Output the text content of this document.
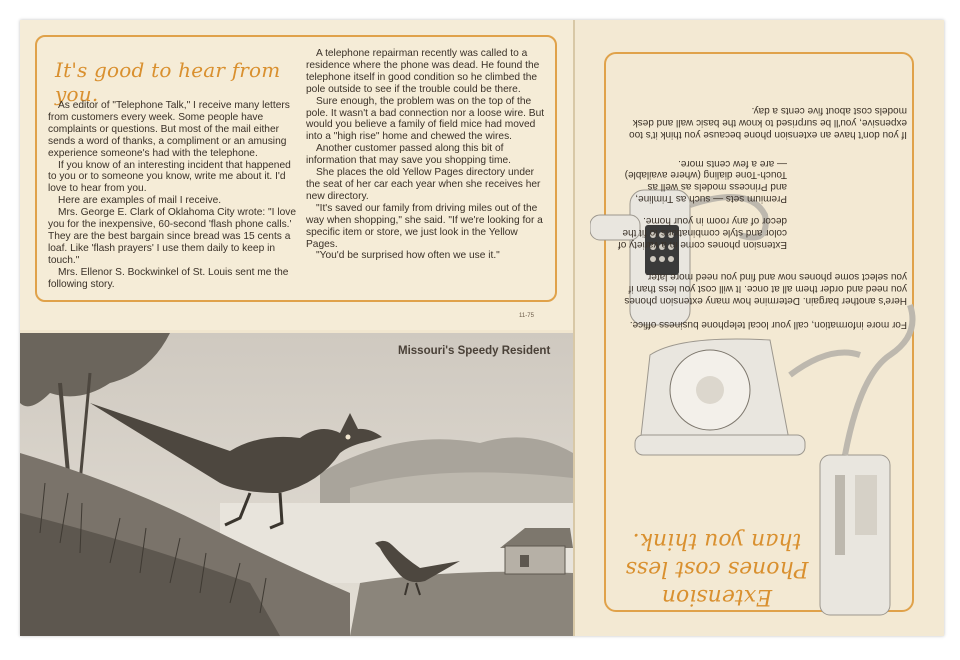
It's good to hear from you.

As editor of "Telephone Talk," I receive many letters from customers every week. Some people have complaints or questions. But most of the mail either sends a word of thanks, a compliment or an amusing experience someone's had with the telephone.

If you know of an interesting incident that happened to you or to someone you know, write me about it. I'd love to hear from you.

Here are examples of mail I receive.

Mrs. George E. Clark of Oklahoma City wrote: "I love you for the inexpensive, 60-second 'flash phone calls.' They are the best bargain since bread was 15 cents a loaf. Like 'flash prayers' I use them daily to keep in touch."

Mrs. Ellenor S. Bockwinkel of St. Louis sent me the following story.

A telephone repairman recently was called to a residence where the phone was dead. He found the telephone itself in good condition so he climbed the pole outside to see if the trouble could be there.

Sure enough, the problem was on the top of the pole. It wasn't a bad connection nor a loose wire. But would you believe a family of field mice had moved into a "high rise" home and chewed the wires.

Another customer passed along this bit of information that may save you shopping time.

She places the old Yellow Pages directory under the seat of her car each year when she receives her new directory.

"It's saved our family from driving miles out of the way when shopping," she said. "If we're looking for a specific item or store, we just look in the Yellow Pages.

"You'd be surprised how often we use it."

11-75
Missouri's Speedy Resident

If you don't have an extension phone because you think it's too expensive, you'll be surprised to know the basic wall and desk models cost about five cents a day.

Premium sets — such as Trimline, and Princess models as well as Touch-Tone dialing (where available) — are a few cents more.

Extension phones come in a variety of color and style combinations to fit the decor of any room in your home.

Here's another bargain. Determine how many extension phones you need and order them all at once. It will cost you less than if you select some phones now and find you need more later.

For more information, call your local telephone business office.

Extension
Phones cost less
than you think.
